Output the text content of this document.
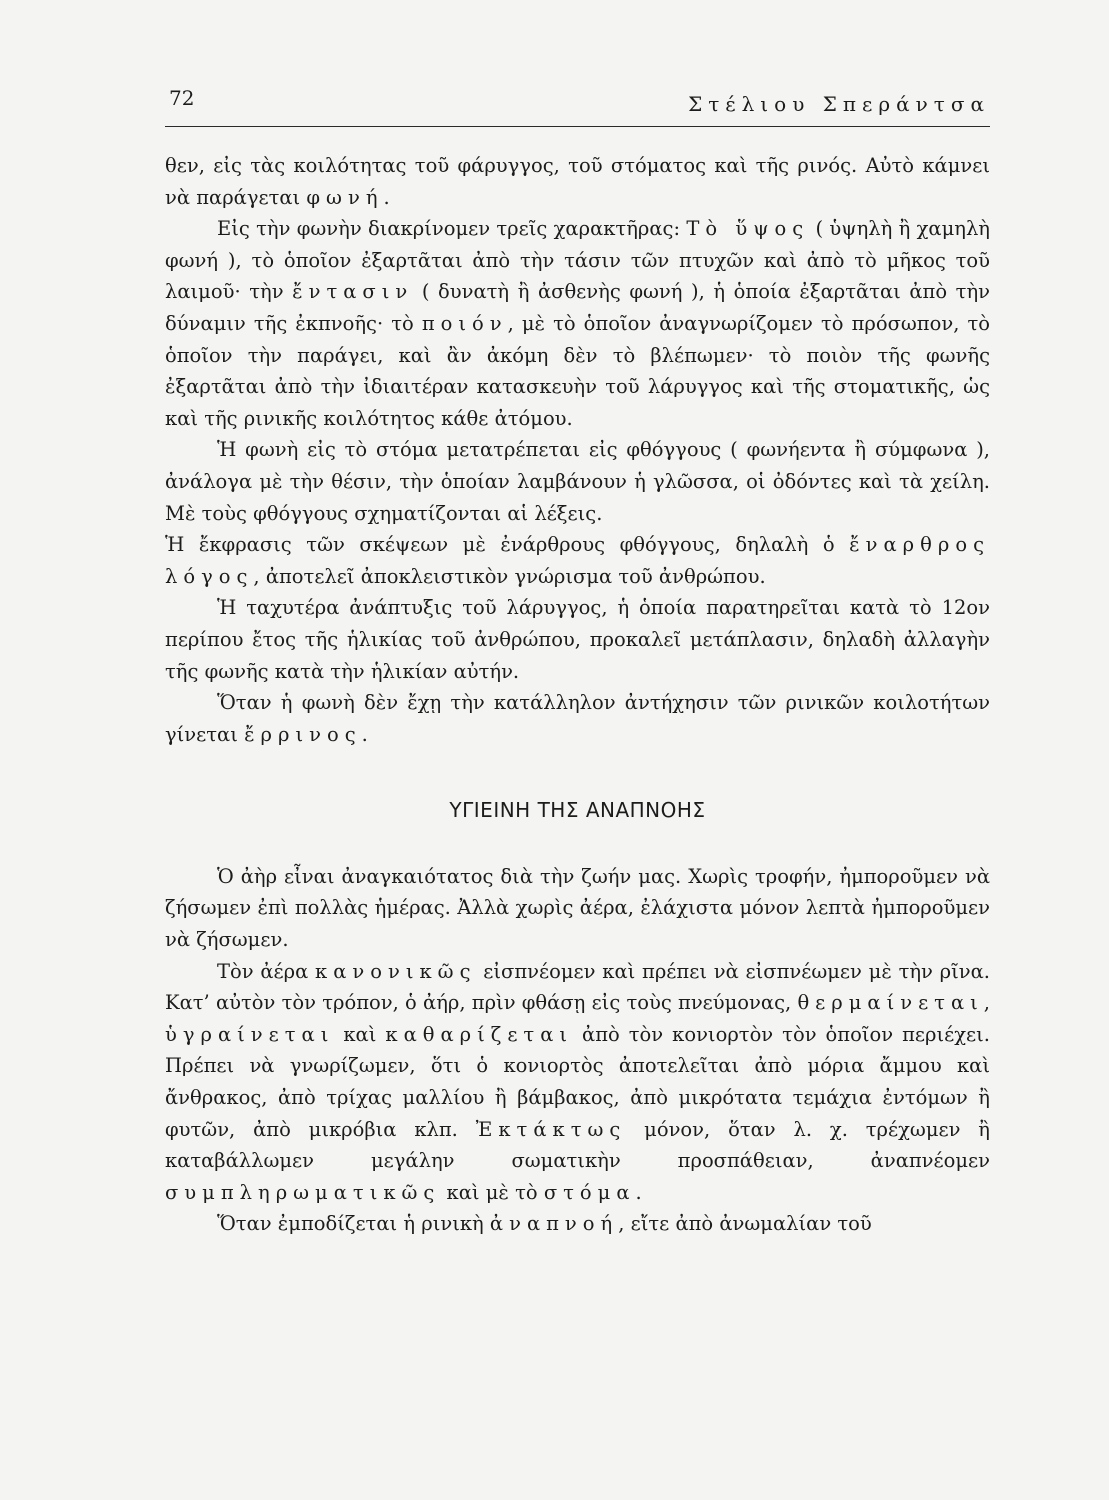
72	Στέλιου Σπεράντσα

θεν, εἰς τὰς κοιλότητας τοῦ φάρυγγος, τοῦ στόματος καὶ τῆς ρινός. Αὐτὸ κάμνει νὰ παράγεται φωνή.

Εἰς τὴν φωνὴν διακρίνομεν τρεῖς χαρακτῆρας: Τὸ ὕψος ( ὑψηλὴ ἢ χαμηλὴ φωνή ), τὸ ὁποῖον ἐξαρτᾶται ἀπὸ τὴν τάσιν τῶν πτυχῶν καὶ ἀπὸ τὸ μῆκος τοῦ λαιμοῦ· τὴν ἔντασιν ( δυνατὴ ἢ ἀσθενὴς φωνή ), ἡ ὁποία ἐξαρτᾶται ἀπὸ τὴν δύναμιν τῆς ἐκπνοῆς· τὸ ποιόν, μὲ τὸ ὁποῖον ἀναγνωρίζομεν τὸ πρόσωπον, τὸ ὁποῖον τὴν παράγει, καὶ ἂν ἀκόμη δὲν τὸ βλέπωμεν· τὸ ποιὸν τῆς φωνῆς ἐξαρτᾶται ἀπὸ τὴν ἰδιαιτέραν κατασκευὴν τοῦ λάρυγγος καὶ τῆς στοματικῆς, ὡς καὶ τῆς ρινικῆς κοιλότητος κάθε ἀτόμου.

Ἡ φωνὴ εἰς τὸ στόμα μετατρέπεται εἰς φθόγγους ( φωνήεντα ἢ σύμφωνα ), ἀνάλογα μὲ τὴν θέσιν, τὴν ὁποίαν λαμβάνουν ἡ γλῶσσα, οἱ ὀδόντες καὶ τὰ χείλη. Μὲ τοὺς φθόγγους σχηματίζονται αἱ λέξεις.

Ἡ ἔκφρασις τῶν σκέψεων μὲ ἐνάρθρους φθόγγους, δηλαλὴ ὁ ἔναρθρος λόγος, ἀποτελεῖ ἀποκλειστικὸν γνώρισμα τοῦ ἀνθρώπου.

Ἡ ταχυτέρα ἀνάπτυξις τοῦ λάρυγγος, ἡ ὁποία παρατηρεῖται κατὰ τὸ 12ον περίπου ἔτος τῆς ἡλικίας τοῦ ἀνθρώπου, προκαλεῖ μετάπλασιν, δηλαδὴ ἀλλαγὴν τῆς φωνῆς κατὰ τὴν ἡλικίαν αὐτήν.

Ὅταν ἡ φωνὴ δὲν ἔχῃ τὴν κατάλληλον ἀντήχησιν τῶν ρινικῶν κοιλοτήτων γίνεται ἔρρινος.

ΥΓΙΕΙΝΗ ΤΗΣ ΑΝΑΠΝΟΗΣ

Ὁ ἀὴρ εἶναι ἀναγκαιότατος διὰ τὴν ζωήν μας. Χωρὶς τροφήν, ἠμποροῦμεν νὰ ζήσωμεν ἐπὶ πολλὰς ἡμέρας. Ἀλλὰ χωρὶς ἀέρα, ἐλάχιστα μόνον λεπτὰ ἠμποροῦμεν νὰ ζήσωμεν.

Τὸν ἀέρα κανονικῶς εἰσπνέομεν καὶ πρέπει νὰ εἰσπνέωμεν μὲ τὴν ρῖνα. Κατ’ αὐτὸν τὸν τρόπον, ὁ ἀήρ, πρὶν φθάσῃ εἰς τοὺς πνεύμονας, θερμαίνεται, ὑγραίνεται καὶ καθαρίζεται ἀπὸ τὸν κονιορτὸν τὸν ὁποῖον περιέχει. Πρέπει νὰ γνωρίζωμεν, ὅτι ὁ κονιορτὸς ἀποτελεῖται ἀπὸ μόρια ἄμμου καὶ ἄνθρακος, ἀπὸ τρίχας μαλλίου ἢ βάμβακος, ἀπὸ μικρότατα τεμάχια ἐντόμων ἢ φυτῶν, ἀπὸ μικρόβια κλπ. Ἐκτάκτως μόνον, ὅταν λ. χ. τρέχωμεν ἢ καταβάλλωμεν μεγάλην σωματικὴν προσπάθειαν, ἀναπνέομεν συμπληρωματικῶς καὶ μὲ τὸ στόμα.

Ὅταν ἐμποδίζεται ἡ ρινικὴ ἀναπνοή, εἴτε ἀπὸ ἀνωμαλίαν τοῦ
